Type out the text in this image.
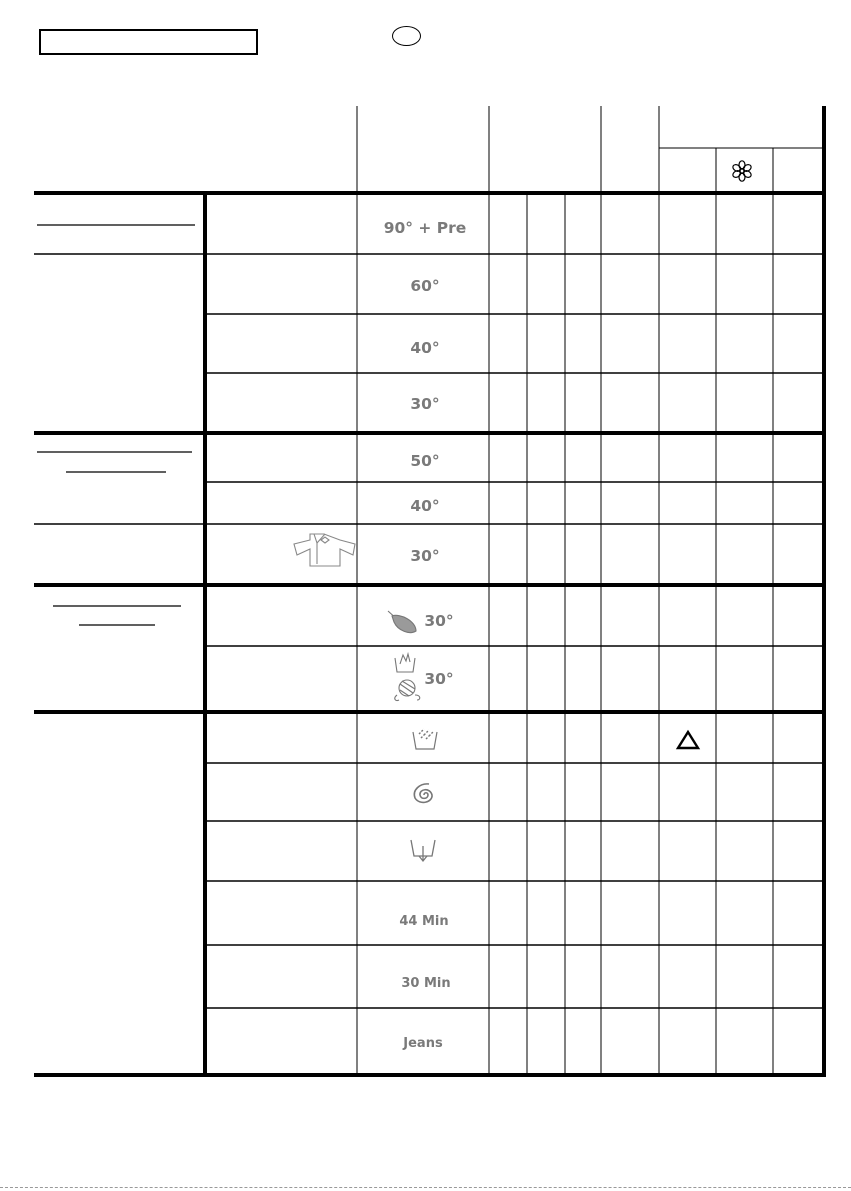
90° + Pre
60°
40°
30°
50°
40°
30°
30°
30°
44 Min
30 Min
Jeans
